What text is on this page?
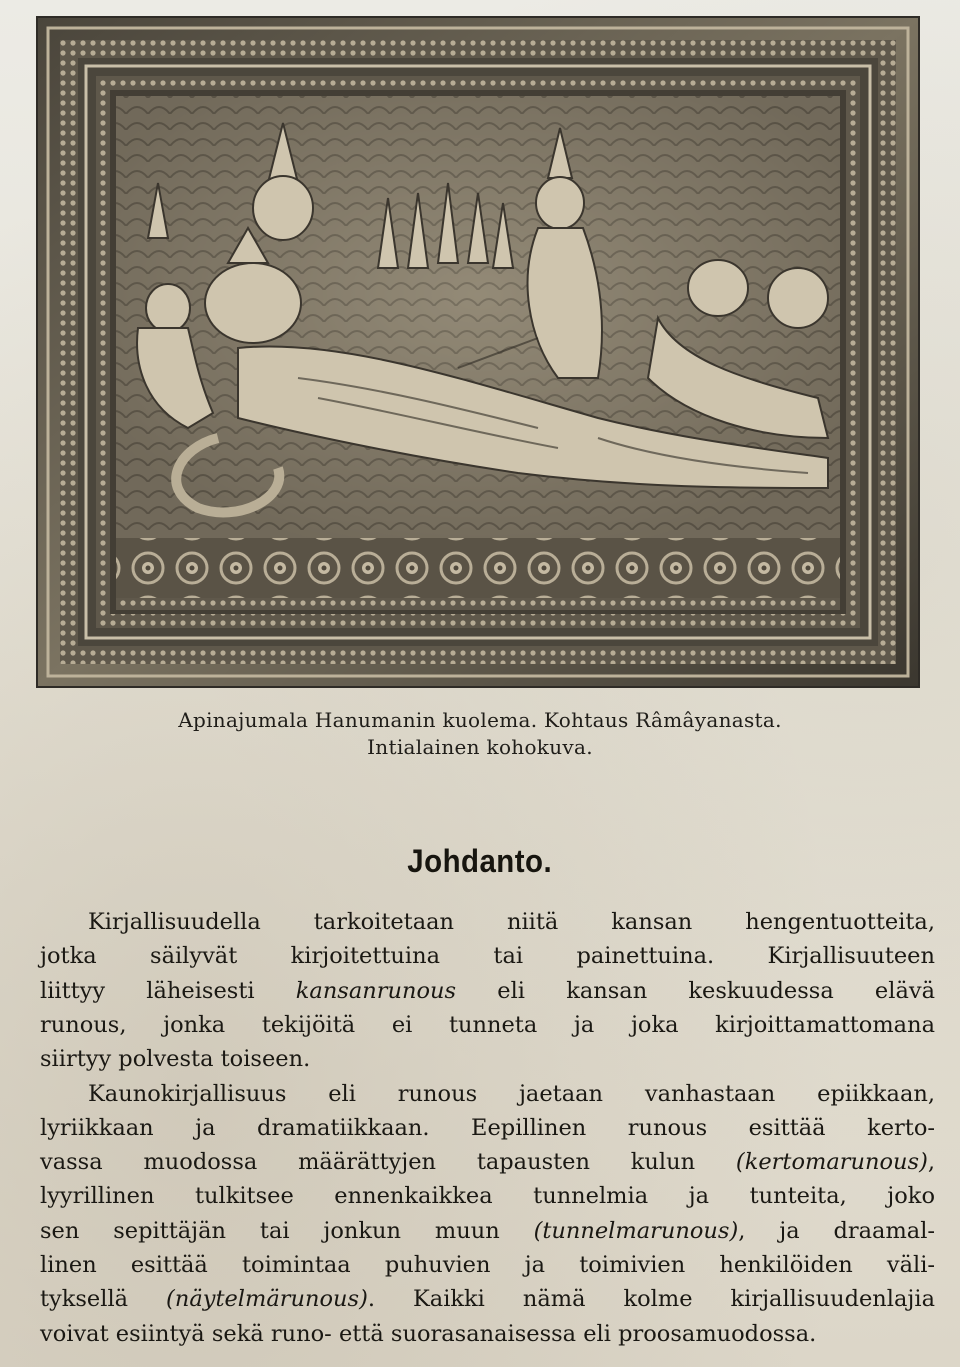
Apinajumala Hanumanin kuolema. Kohtaus Râmâyanasta.

Intialainen kohokuva.

Johdanto.

Kirjallisuudella tarkoitetaan niitä kansan hengentuotteita,

jotka säilyvät kirjoitettuina tai painettuina. Kirjallisuuteen

liittyy läheisesti kansanrunous eli kansan keskuudessa elävä

runous, jonka tekijöitä ei tunneta ja joka kirjoittamattomana

siirtyy polvesta toiseen.

Kaunokirjallisuus eli runous jaetaan vanhastaan epiikkaan,

lyriikkaan ja dramatiikkaan. Eepillinen runous esittää kerto-

vassa muodossa määrättyjen tapausten kulun (kertomarunous),

lyyrillinen tulkitsee ennenkaikkea tunnelmia ja tunteita, joko

sen sepittäjän tai jonkun muun (tunnelmarunous), ja draamal-

linen esittää toimintaa puhuvien ja toimivien henkilöiden väli-

tyksellä (näytelmärunous). Kaikki nämä kolme kirjallisuudenlajia

voivat esiintyä sekä runo- että suorasanaisessa eli proosamuodossa.
